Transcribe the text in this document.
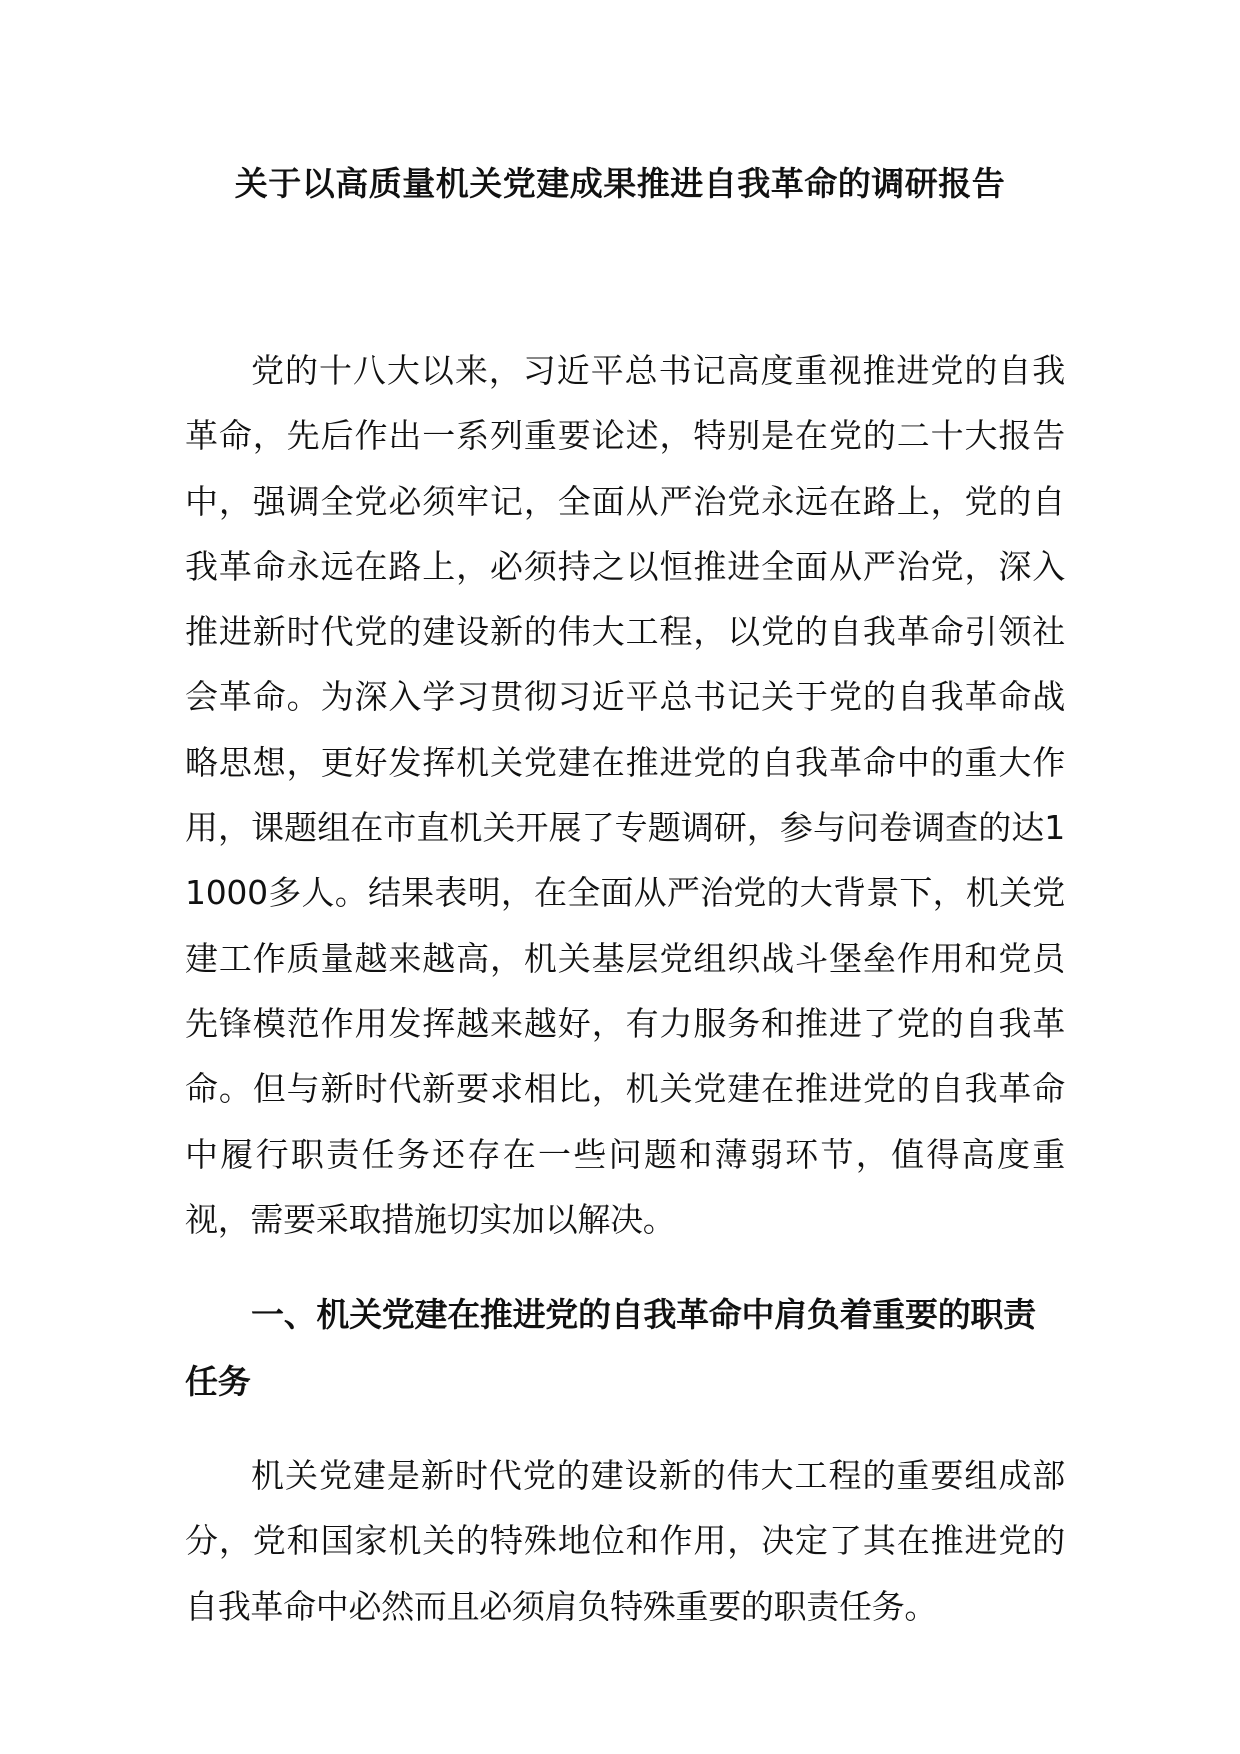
关于以高质量机关党建成果推进自我革命的调研报告

党的十八大以来，习近平总书记高度重视推进党的自我革命，先后作出一系列重要论述，特别是在党的二十大报告中，强调全党必须牢记，全面从严治党永远在路上，党的自我革命永远在路上，必须持之以恒推进全面从严治党，深入推进新时代党的建设新的伟大工程，以党的自我革命引领社会革命。为深入学习贯彻习近平总书记关于党的自我革命战略思想，更好发挥机关党建在推进党的自我革命中的重大作用，课题组在市直机关开展了专题调研，参与问卷调查的达11000多人。结果表明，在全面从严治党的大背景下，机关党建工作质量越来越高，机关基层党组织战斗堡垒作用和党员先锋模范作用发挥越来越好，有力服务和推进了党的自我革命。但与新时代新要求相比，机关党建在推进党的自我革命中履行职责任务还存在一些问题和薄弱环节，值得高度重视，需要采取措施切实加以解决。

一、机关党建在推进党的自我革命中肩负着重要的职责任务

机关党建是新时代党的建设新的伟大工程的重要组成部分，党和国家机关的特殊地位和作用，决定了其在推进党的自我革命中必然而且必须肩负特殊重要的职责任务。
